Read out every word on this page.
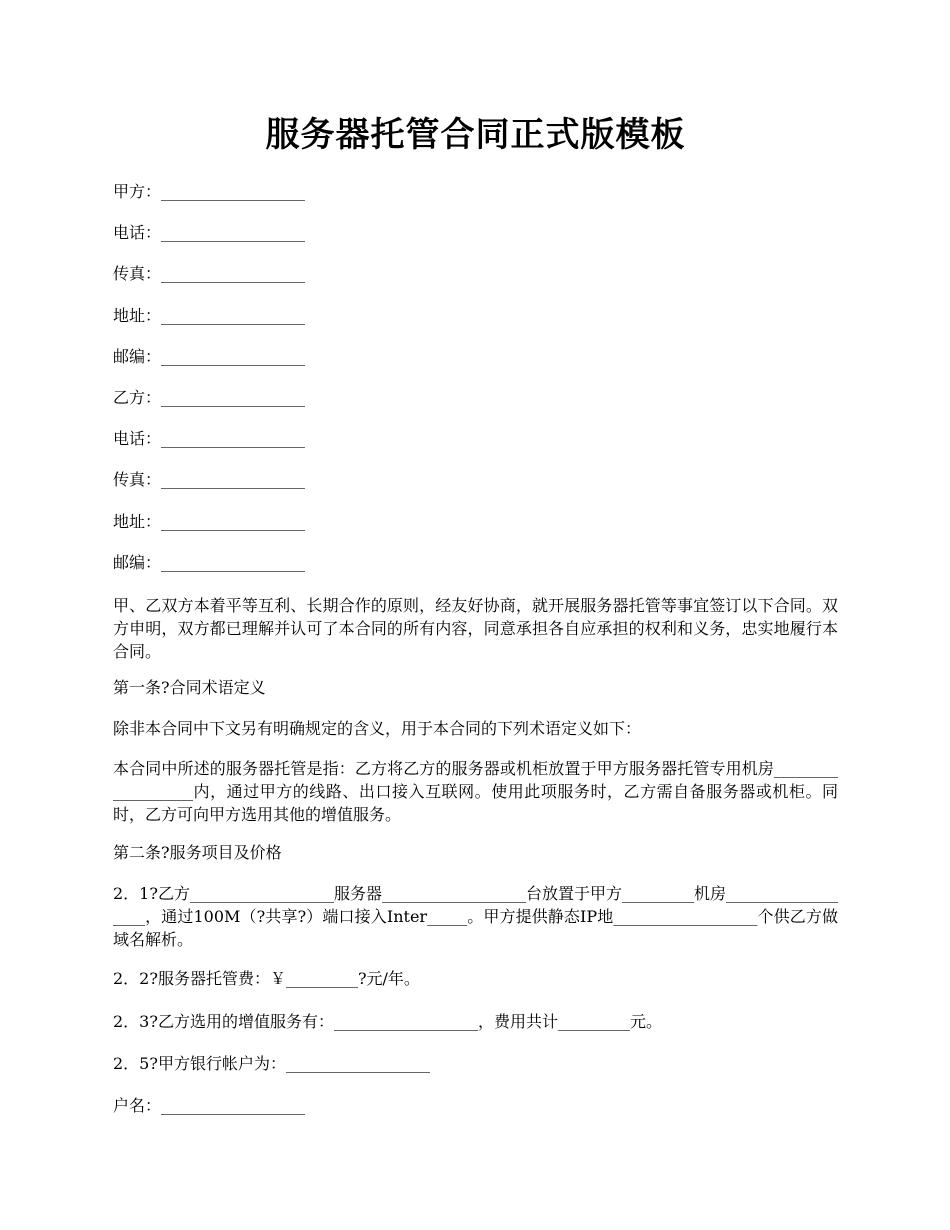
服务器托管合同正式版模板
甲方：__________________
电话：__________________
传真：__________________
地址：__________________
邮编：__________________
乙方：__________________
电话：__________________
传真：__________________
地址：__________________
邮编：__________________
甲、乙双方本着平等互利、长期合作的原则，经友好协商，就开展服务器托管等事宜签订以下合同。双方申明，双方都已理解并认可了本合同的所有内容，同意承担各自应承担的权利和义务，忠实地履行本合同。
第一条?合同术语定义
除非本合同中下文另有明确规定的含义，用于本合同的下列术语定义如下：
本合同中所述的服务器托管是指：乙方将乙方的服务器或机柜放置于甲方服务器托管专用机房__________________内，通过甲方的线路、出口接入互联网。使用此项服务时，乙方需自备服务器或机柜。同时，乙方可向甲方选用其他的增值服务。
第二条?服务项目及价格
2．1?乙方__________________服务器__________________台放置于甲方_________机房__________________，通过100M（?共享?）端口接入Inter_____。甲方提供静态IP地__________________个供乙方做域名解析。
2．2?服务器托管费：￥_________?元/年。
2．3?乙方选用的增值服务有：__________________，费用共计_________元。
2．5?甲方银行帐户为：__________________
户名：__________________
